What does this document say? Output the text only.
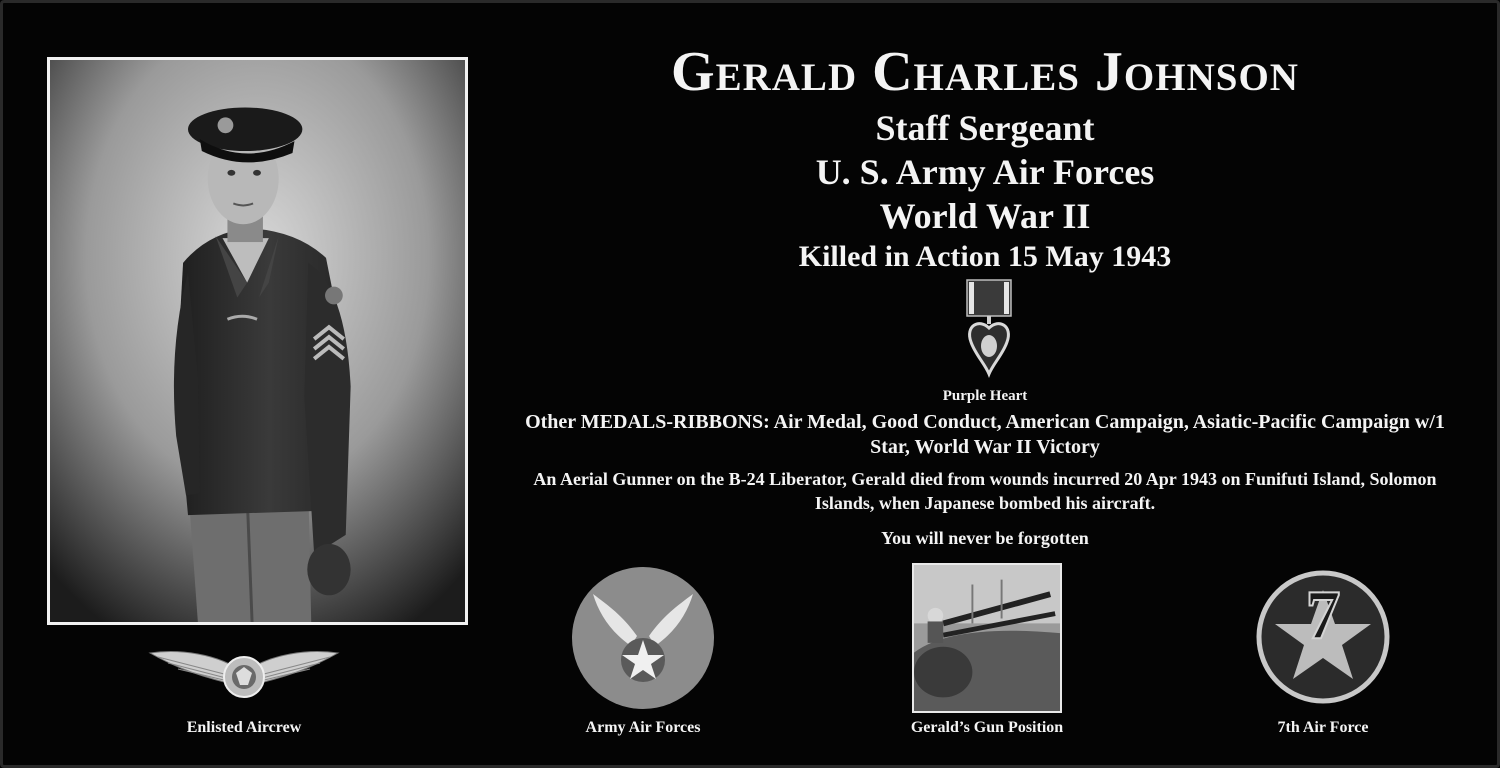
Gerald Charles Johnson

Staff Sergeant

U. S. Army Air Forces

World War II

Killed in Action 15 May 1943

Purple Heart

Other MEDALS-RIBBONS: Air Medal, Good Conduct, American Campaign, Asiatic-Pacific Campaign w/1 Star, World War II Victory

An Aerial Gunner on the B-24 Liberator, Gerald died from wounds incurred 20 Apr 1943 on Funifuti Island, Solomon Islands, when Japanese bombed his aircraft.

You will never be forgotten

Enlisted Aircrew	Army Air Forces	Gerald’s Gun Position

7

7th Air Force
